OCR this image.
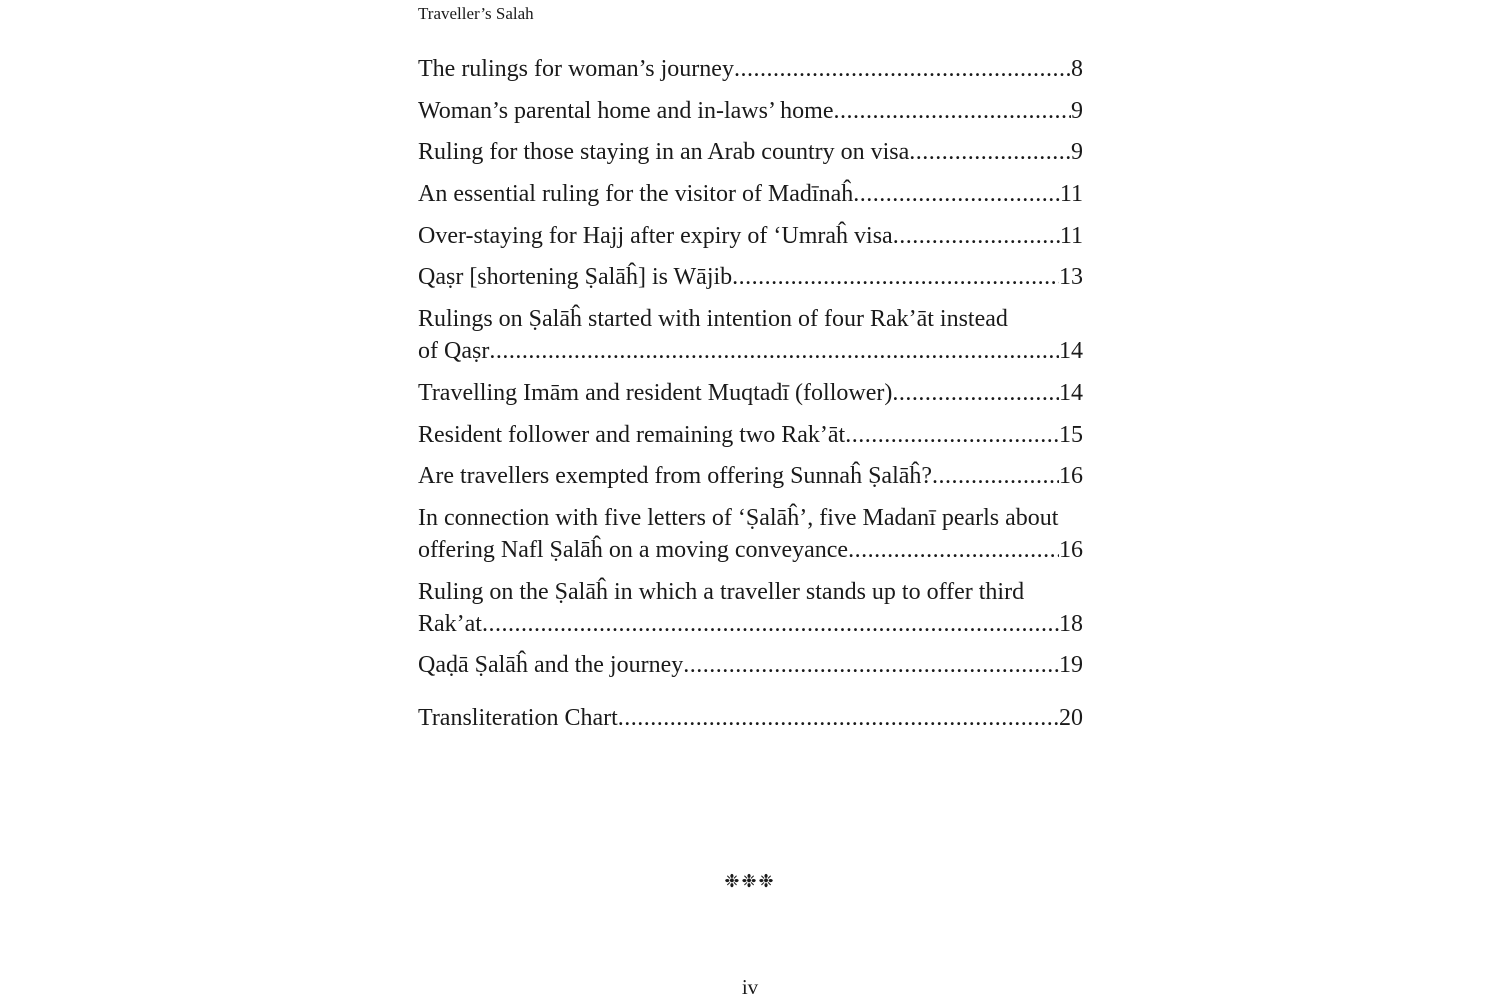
Traveller’s Salah
The rulings for woman’s journey .....	8
Woman’s parental home and in-laws’ home .....	9
Ruling for those staying in an Arab country on visa .....	9
An essential ruling for the visitor of Madīnaĥ .....	11
Over-staying for Hajj after expiry of ‘Umraĥ visa .....	11
Qaṣr [shortening Ṣalāĥ] is Wājib .....	13
Rulings on Ṣalāĥ started with intention of four Rak’āt instead
of Qaṣr .....	14
Travelling Imām and resident Muqtadī (follower) .....	14
Resident follower and remaining two Rak’āt .....	15
Are travellers exempted from offering Sunnaĥ Ṣalāĥ? .....	16
In connection with five letters of ‘Ṣalāĥ’, five Madanī pearls about
offering Nafl Ṣalāĥ on a moving conveyance .....	16
Ruling on the Ṣalāĥ in which a traveller stands up to offer third
Rak’at .....	18
Qaḍā Ṣalāĥ and the journey .....	19
Transliteration Chart .....	20
❉❉❉
iv
